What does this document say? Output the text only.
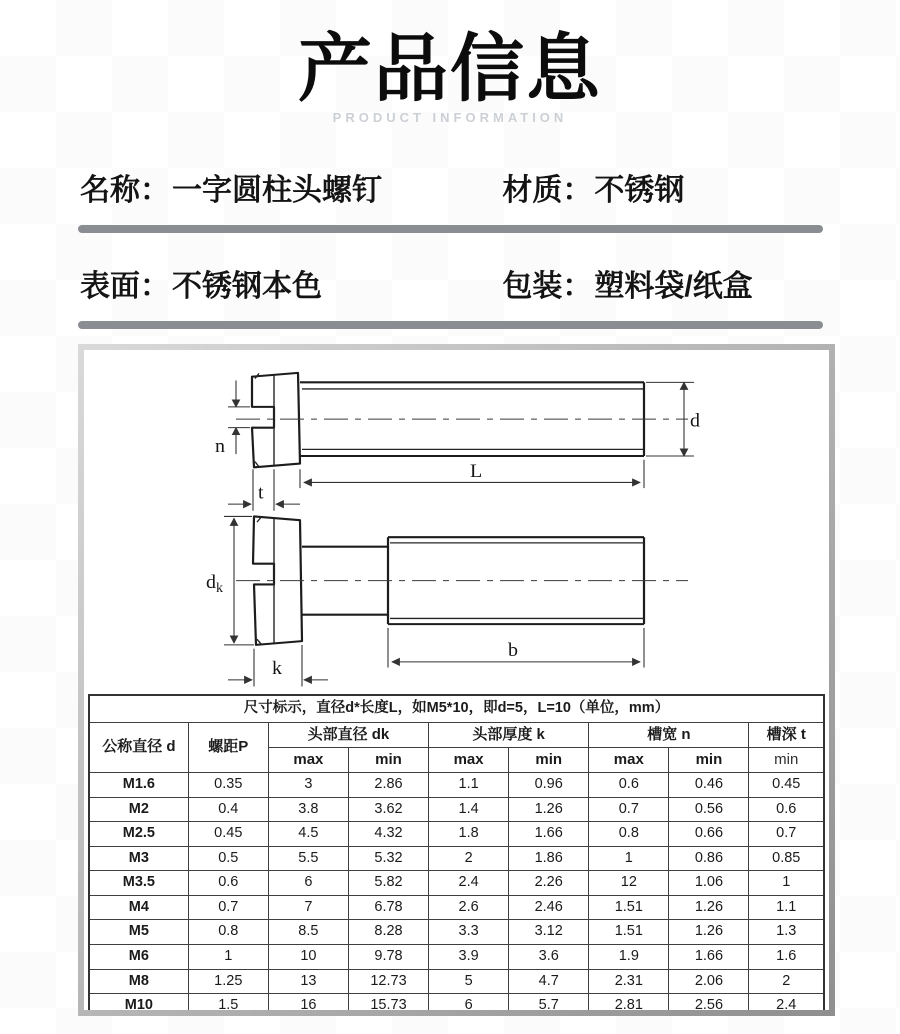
产品信息
PRODUCT INFORMATION
名称：一字圆柱头螺钉	材质：不锈钢
表面：不锈钢本色	包装：塑料袋/纸盒
d
L
n
t
$d_k$
k
b
尺寸标示，直径d*长度L，如M5*10，即d=5，L=10（单位，mm）								
公称直径 d	螺距P	头部直径 dk		头部厚度 k		槽宽 n		槽深 t
		max	min	max	min	max	min	min
M1.6	0.35	3	2.86	1.1	0.96	0.6	0.46	0.45
M2	0.4	3.8	3.62	1.4	1.26	0.7	0.56	0.6
M2.5	0.45	4.5	4.32	1.8	1.66	0.8	0.66	0.7
M3	0.5	5.5	5.32	2	1.86	1	0.86	0.85
M3.5	0.6	6	5.82	2.4	2.26	12	1.06	1
M4	0.7	7	6.78	2.6	2.46	1.51	1.26	1.1
M5	0.8	8.5	8.28	3.3	3.12	1.51	1.26	1.3
M6	1	10	9.78	3.9	3.6	1.9	1.66	1.6
M8	1.25	13	12.73	5	4.7	2.31	2.06	2
M10	1.5	16	15.73	6	5.7	2.81	2.56	2.4
